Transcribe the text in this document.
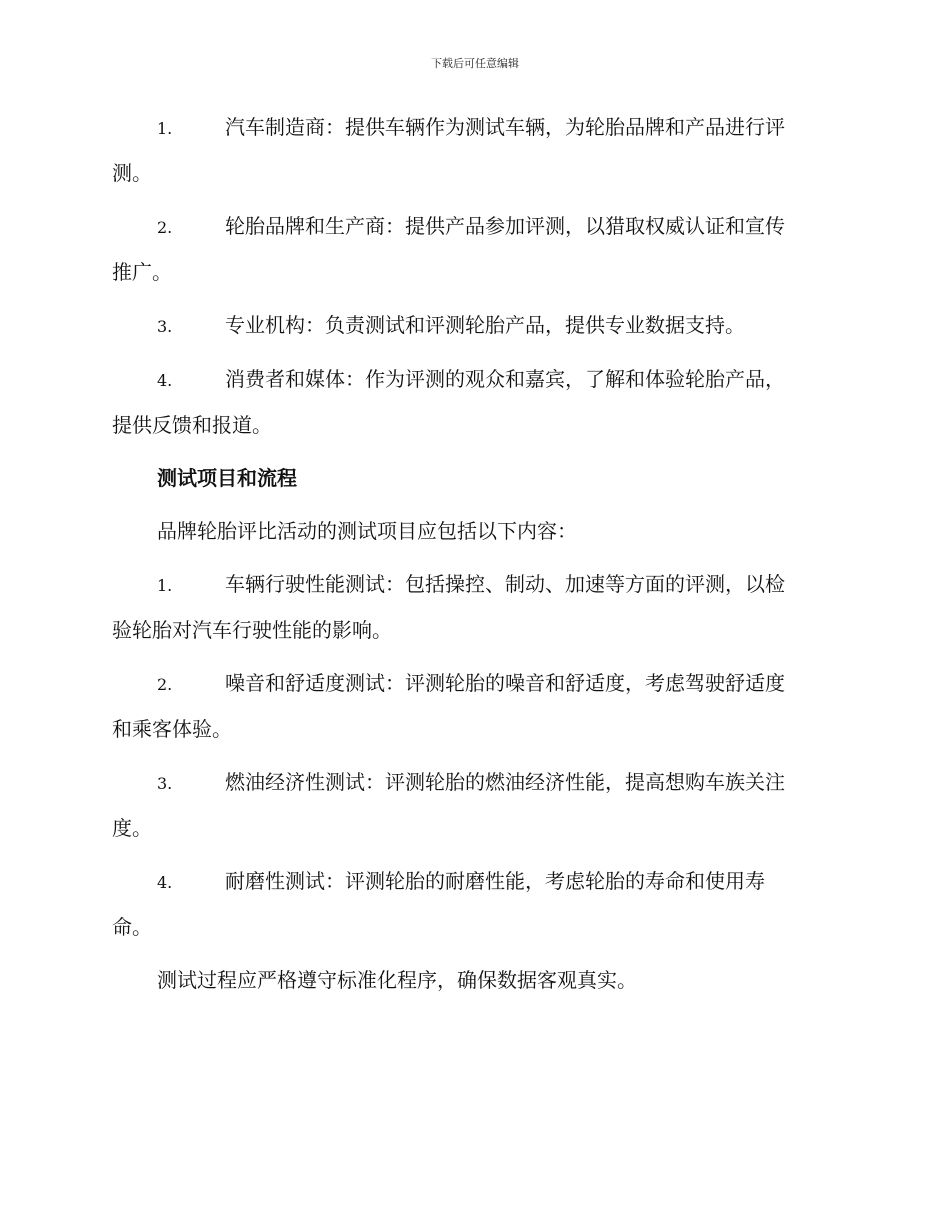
下载后可任意编辑
1.	汽车制造商：提供车辆作为测试车辆，为轮胎品牌和产品进行评
测。
2.	轮胎品牌和生产商：提供产品参加评测，以猎取权威认证和宣传
推广。
3.	专业机构：负责测试和评测轮胎产品，提供专业数据支持。
4.	消费者和媒体：作为评测的观众和嘉宾，了解和体验轮胎产品，
提供反馈和报道。
测试项目和流程
品牌轮胎评比活动的测试项目应包括以下内容：
1.	车辆行驶性能测试：包括操控、制动、加速等方面的评测，以检
验轮胎对汽车行驶性能的影响。
2.	噪音和舒适度测试：评测轮胎的噪音和舒适度，考虑驾驶舒适度
和乘客体验。
3.	燃油经济性测试：评测轮胎的燃油经济性能，提高想购车族关注
度。
4.	耐磨性测试：评测轮胎的耐磨性能，考虑轮胎的寿命和使用寿
命。
测试过程应严格遵守标准化程序，确保数据客观真实。
